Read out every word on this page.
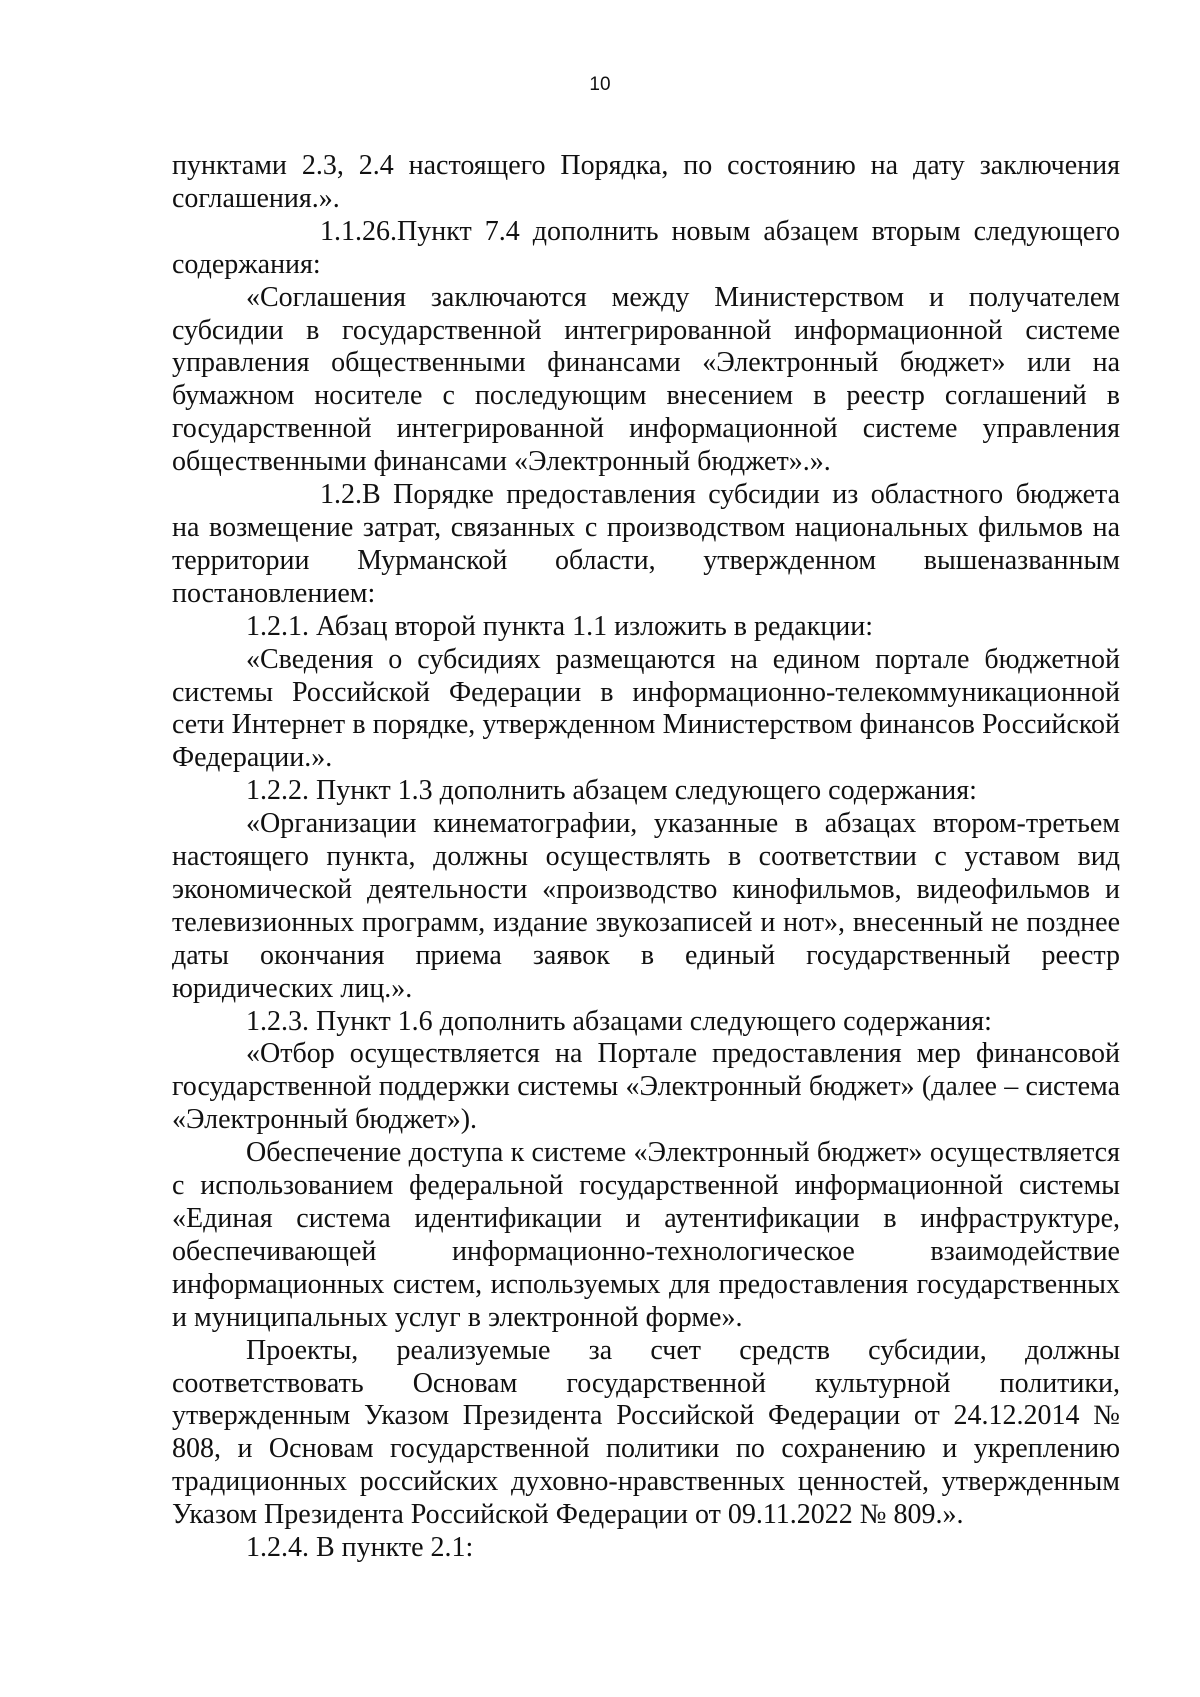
10

пунктами 2.3, 2.4 настоящего Порядка, по состоянию на дату заключения соглашения.».

1.1.26.Пункт 7.4 дополнить новым абзацем вторым следующего содержания:

«Соглашения заключаются между Министерством и получателем субсидии в государственной интегрированной информационной системе управления общественными финансами «Электронный бюджет» или на бумажном носителе с последующим внесением в реестр соглашений в государственной интегрированной информационной системе управления общественными финансами «Электронный бюджет».».

1.2.В Порядке предоставления субсидии из областного бюджета на возмещение затрат, связанных с производством национальных фильмов на территории Мурманской области, утвержденном вышеназванным постановлением:

1.2.1. Абзац второй пункта 1.1 изложить в редакции:

«Сведения о субсидиях размещаются на едином портале бюджетной системы Российской Федерации в информационно-телекоммуникационной сети Интернет в порядке, утвержденном Министерством финансов Российской Федерации.».

1.2.2. Пункт 1.3 дополнить абзацем следующего содержания:

«Организации кинематографии, указанные в абзацах втором-третьем настоящего пункта, должны осуществлять в соответствии с уставом вид экономической деятельности «производство кинофильмов, видеофильмов и телевизионных программ, издание звукозаписей и нот», внесенный не позднее даты окончания приема заявок в единый государственный реестр юридических лиц.».

1.2.3. Пункт 1.6 дополнить абзацами следующего содержания:

«Отбор осуществляется на Портале предоставления мер финансовой государственной поддержки системы «Электронный бюджет» (далее – система «Электронный бюджет»).

Обеспечение доступа к системе «Электронный бюджет» осуществляется с использованием федеральной государственной информационной системы «Единая система идентификации и аутентификации в инфраструктуре, обеспечивающей информационно-технологическое взаимодействие информационных систем, используемых для предоставления государственных и муниципальных услуг в электронной форме».

Проекты, реализуемые за счет средств субсидии, должны соответствовать Основам государственной культурной политики, утвержденным Указом Президента Российской Федерации от 24.12.2014 № 808, и Основам государственной политики по сохранению и укреплению традиционных российских духовно-нравственных ценностей, утвержденным Указом Президента Российской Федерации от 09.11.2022 № 809.».

1.2.4. В пункте 2.1:
